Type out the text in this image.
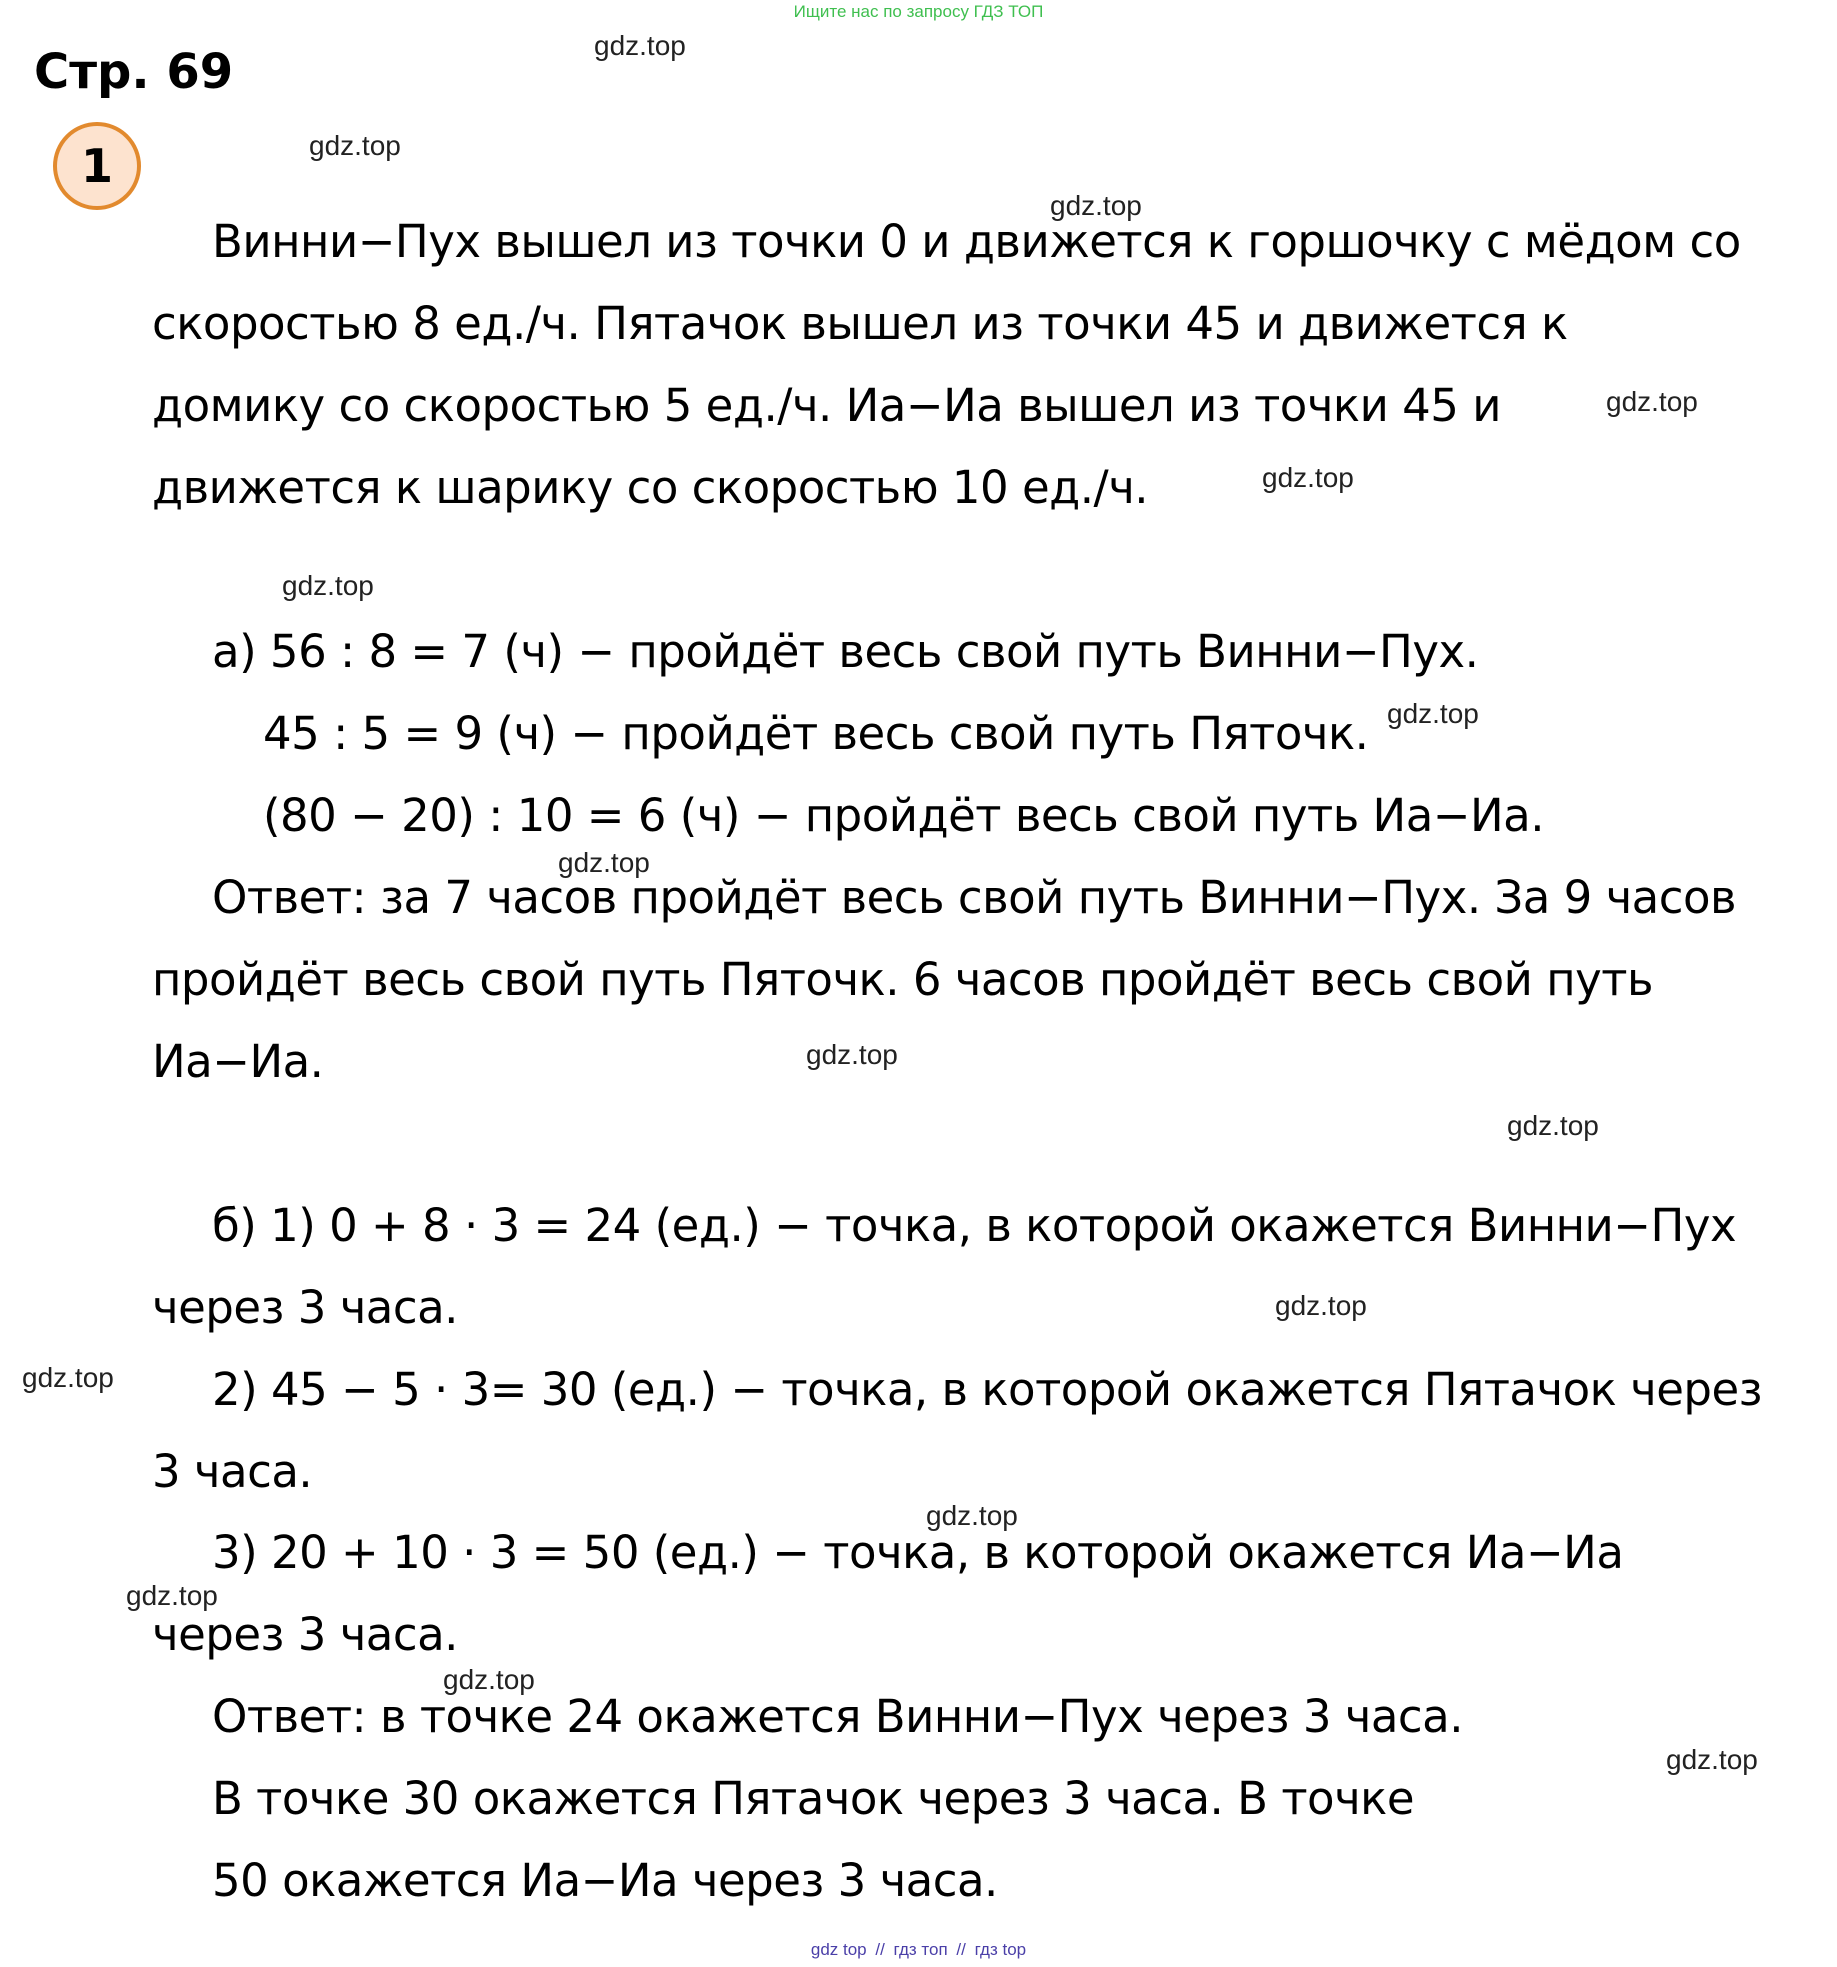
Ищите нас по запросу ГДЗ ТОП
Стр. 69
1
Винни−Пух вышел из точки 0 и движется к горшочку с мёдом со
скоростью 8 ед./ч. Пятачок вышел из точки 45 и движется к
домику со скоростью 5 ед./ч. Иа−Иа вышел из точки 45 и
движется к шарику со скоростью 10 ед./ч.
а) 56 : 8 = 7 (ч) − пройдёт весь свой путь Винни−Пух.
45 : 5 = 9 (ч) − пройдёт весь свой путь Пяточк.
(80 − 20) : 10 = 6 (ч) − пройдёт весь свой путь Иа−Иа.
Ответ: за 7 часов пройдёт весь свой путь Винни−Пух. За 9 часов
пройдёт весь свой путь Пяточк. 6 часов пройдёт весь свой путь
Иа−Иа.
б) 1) 0 + 8 · 3 = 24 (ед.) − точка, в которой окажется Винни−Пух
через 3 часа.
2) 45 − 5 · 3= 30 (ед.) − точка, в которой окажется Пятачок через
3 часа.
3) 20 + 10 · 3 = 50 (ед.) − точка, в которой окажется Иа−Иа
через 3 часа.
Ответ: в точке 24 окажется Винни−Пух через 3 часа.
В точке 30 окажется Пятачок через 3 часа. В точке
50 окажется Иа−Иа через 3 часа.
gdz.top
gdz.top
gdz.top
gdz.top
gdz.top
gdz.top
gdz.top
gdz.top
gdz.top
gdz.top
gdz.top
gdz.top
gdz.top
gdz.top
gdz.top
gdz.top
gdz top // гдз топ // гдз top
